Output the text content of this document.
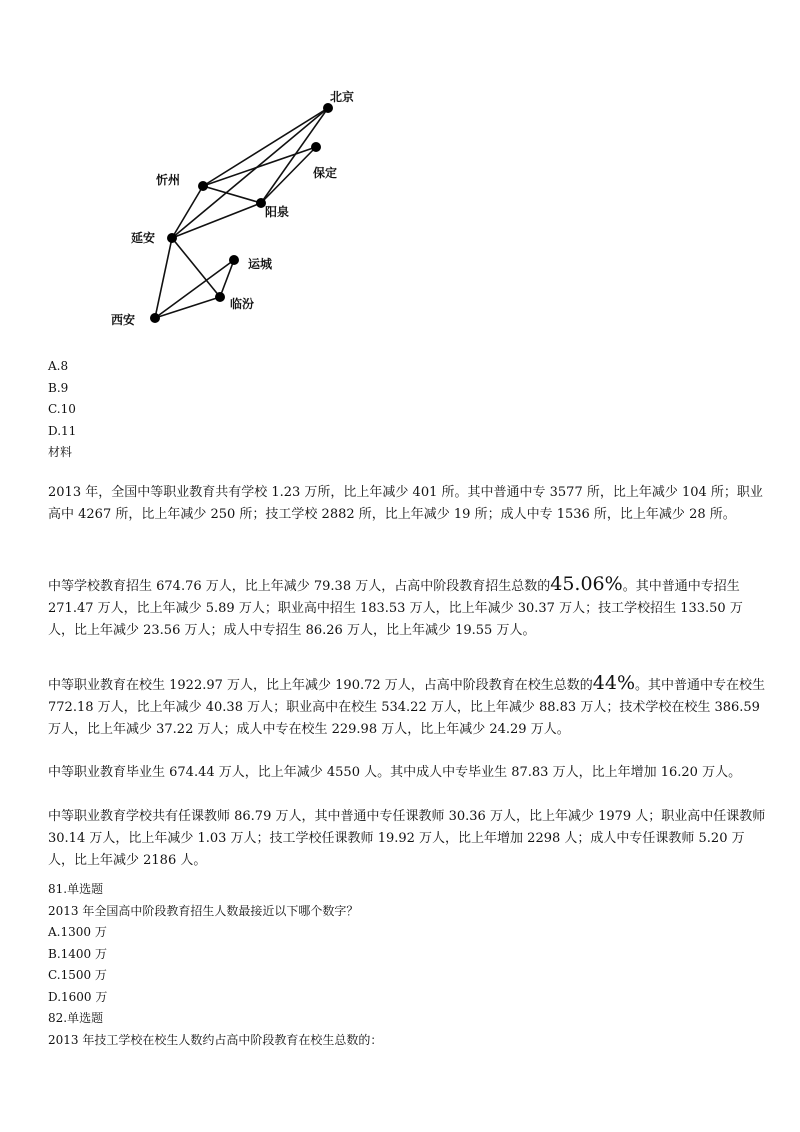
北京
保定
忻州
阳泉
延安
运城
临汾
西安
A.8
B.9
C.10
D.11
材料
2013 年，全国中等职业教育共有学校 1.23 万所，比上年减少 401 所。其中普通中专 3577 所，比上年减少 104 所；职业高中 4267 所，比上年减少 250 所；技工学校 2882 所，比上年减少 19 所；成人中专 1536 所，比上年减少 28 所。
中等学校教育招生 674.76 万人，比上年减少 79.38 万人，占高中阶段教育招生总数的45.06%。其中普通中专招生 271.47 万人，比上年减少 5.89 万人；职业高中招生 183.53 万人，比上年减少 30.37 万人；技工学校招生 133.50 万人，比上年减少 23.56 万人；成人中专招生 86.26 万人，比上年减少 19.55 万人。
中等职业教育在校生 1922.97 万人，比上年减少 190.72 万人，占高中阶段教育在校生总数的44%。其中普通中专在校生 772.18 万人，比上年减少 40.38 万人；职业高中在校生 534.22 万人，比上年减少 88.83 万人；技术学校在校生 386.59 万人，比上年减少 37.22 万人；成人中专在校生 229.98 万人，比上年减少 24.29 万人。
中等职业教育毕业生 674.44 万人，比上年减少 4550 人。其中成人中专毕业生 87.83 万人，比上年增加 16.20 万人。
中等职业教育学校共有任课教师 86.79 万人，其中普通中专任课教师 30.36 万人，比上年减少 1979 人；职业高中任课教师 30.14 万人，比上年减少 1.03 万人；技工学校任课教师 19.92 万人，比上年增加 2298 人；成人中专任课教师 5.20 万人，比上年减少 2186 人。
81.单选题
2013 年全国高中阶段教育招生人数最接近以下哪个数字？
A.1300 万
B.1400 万
C.1500 万
D.1600 万
82.单选题
2013 年技工学校在校生人数约占高中阶段教育在校生总数的：
